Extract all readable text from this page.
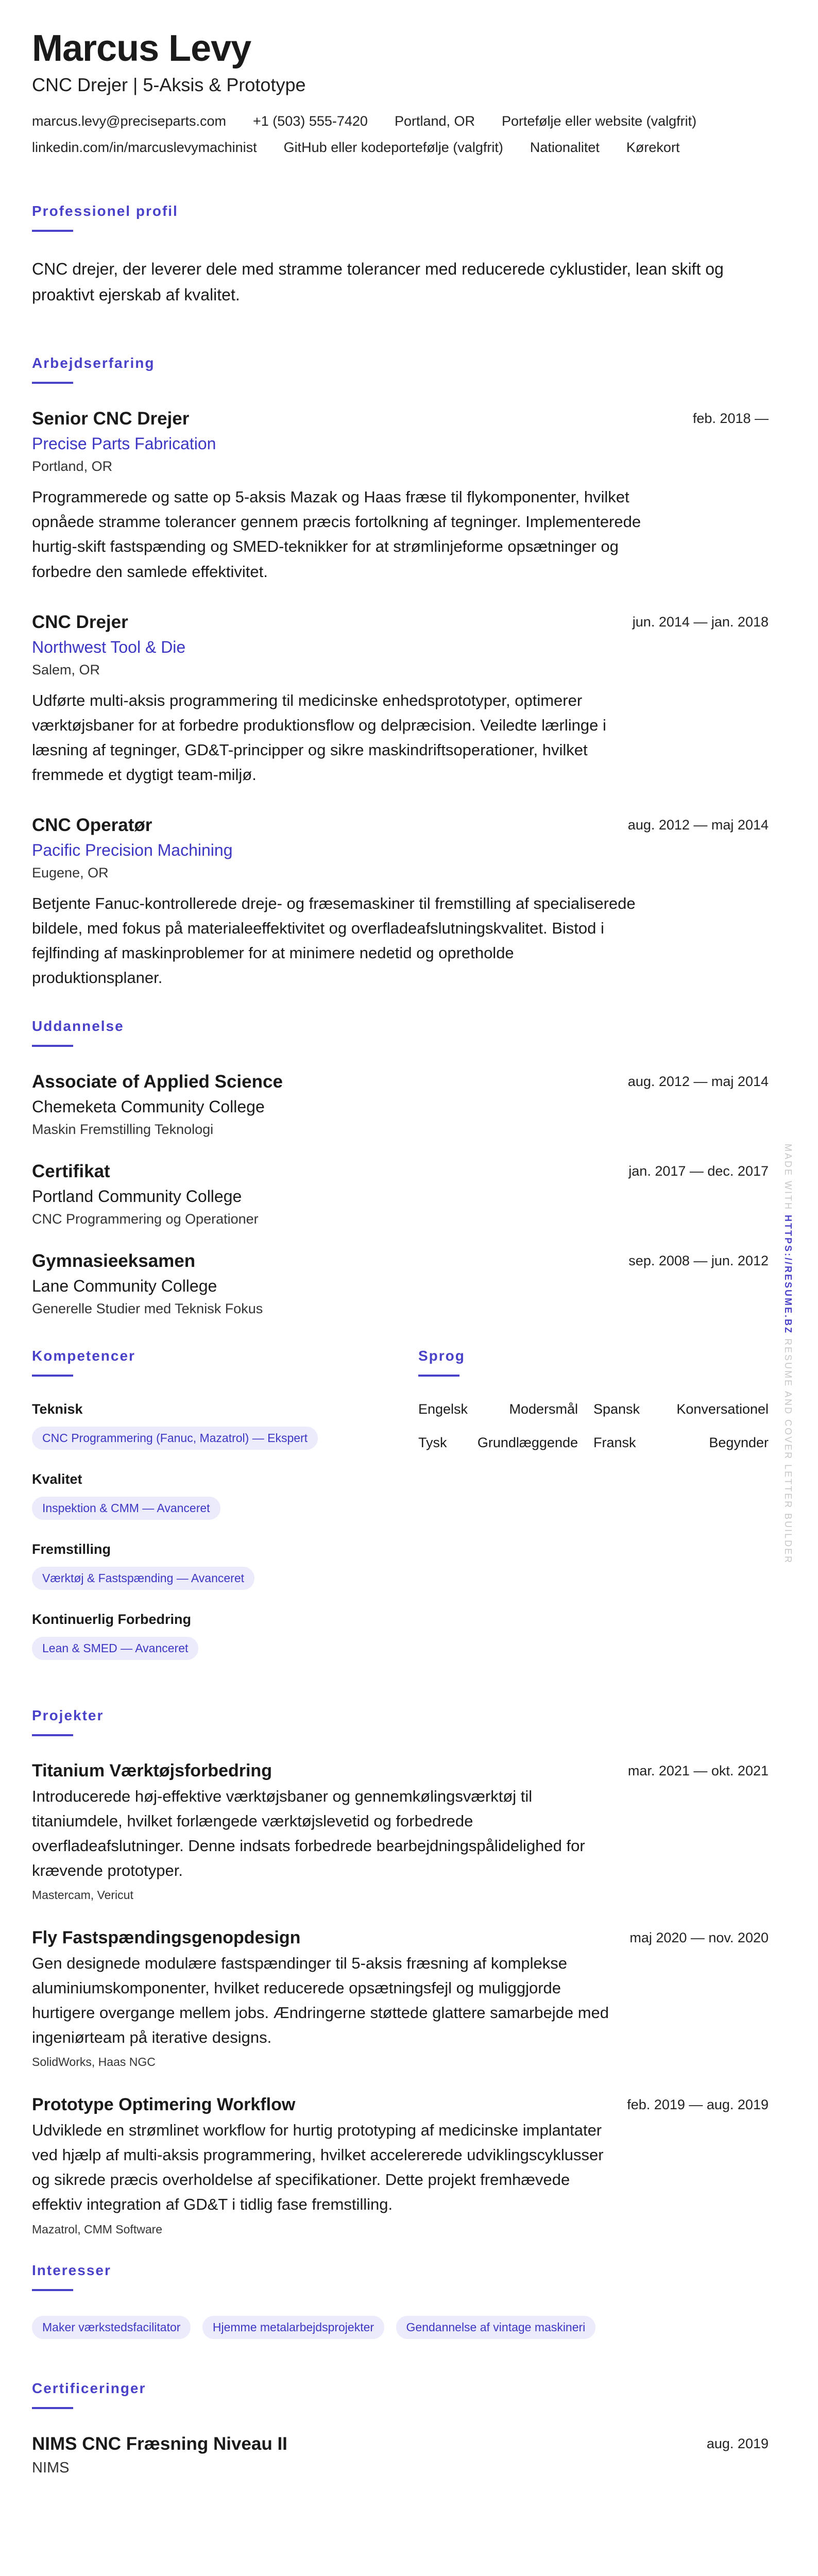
Marcus Levy
CNC Drejer | 5-Aksis & Prototype
marcus.levy@preciseparts.com +1 (503) 555-7420 Portland, OR Portefølje eller website (valgfrit)
linkedin.com/in/marcuslevymachinist GitHub eller kodeportefølje (valgfrit) Nationalitet Kørekort
Professionel profil
CNC drejer, der leverer dele med stramme tolerancer med reducerede cyklustider, lean skift og proaktivt ejerskab af kvalitet.
Arbejdserfaring
feb. 2018 —
Senior CNC Drejer
Precise Parts Fabrication
Portland, OR
Programmerede og satte op 5-aksis Mazak og Haas fræse til flykomponenter, hvilket opnåede stramme tolerancer gennem præcis fortolkning af tegninger. Implementerede hurtig-skift fastspænding og SMED-teknikker for at strømlinjeforme opsætninger og forbedre den samlede effektivitet.
jun. 2014 — jan. 2018
CNC Drejer
Northwest Tool & Die
Salem, OR
Udførte multi-aksis programmering til medicinske enhedsprototyper, optimerer værktøjsbaner for at forbedre produktionsflow og delpræcision. Veiledte lærlinge i læsning af tegninger, GD&T-principper og sikre maskindriftsoperationer, hvilket fremmede et dygtigt team-miljø.
aug. 2012 — maj 2014
CNC Operatør
Pacific Precision Machining
Eugene, OR
Betjente Fanuc-kontrollerede dreje- og fræsemaskiner til fremstilling af specialiserede bildele, med fokus på materialeeffektivitet og overfladeafslutningskvalitet. Bistod i fejlfinding af maskinproblemer for at minimere nedetid og opretholde produktionsplaner.
Uddannelse
aug. 2012 — maj 2014
Associate of Applied Science
Chemeketa Community College
Maskin Fremstilling Teknologi
jan. 2017 — dec. 2017
Certifikat
Portland Community College
CNC Programmering og Operationer
sep. 2008 — jun. 2012
Gymnasieeksamen
Lane Community College
Generelle Studier med Teknisk Fokus
Kompetencer
Teknisk
CNC Programmering (Fanuc, Mazatrol) — Ekspert
Kvalitet
Inspektion & CMM — Avanceret
Fremstilling
Værktøj & Fastspænding — Avanceret
Kontinuerlig Forbedring
Lean & SMED — Avanceret
Sprog
Engelsk	Modersmål Spansk	Konversationel
Tysk Grundlæggende Fransk	Begynder
Projekter
mar. 2021 — okt. 2021
Titanium Værktøjsforbedring
Introducerede høj-effektive værktøjsbaner og gennemkølingsværktøj til titaniumdele, hvilket forlængede værktøjslevetid og forbedrede overfladeafslutninger. Denne indsats forbedrede bearbejdningspålidelighed for krævende prototyper.
Mastercam, Vericut
maj 2020 — nov. 2020
Fly Fastspændingsgenopdesign
Gen designede modulære fastspændinger til 5-aksis fræsning af komplekse aluminiumskomponenter, hvilket reducerede opsætningsfejl og muliggjorde hurtigere overgange mellem jobs. Ændringerne støttede glattere samarbejde med ingeniørteam på iterative designs.
SolidWorks, Haas NGC
feb. 2019 — aug. 2019
Prototype Optimering Workflow
Udviklede en strømlinet workflow for hurtig prototyping af medicinske implantater ved hjælp af multi-aksis programmering, hvilket accelererede udviklingscyklusser og sikrede præcis overholdelse af specifikationer. Dette projekt fremhævede effektiv integration af GD&T i tidlig fase fremstilling.
Mazatrol, CMM Software
Interesser
Maker værkstedsfacilitator	Hjemme metalarbejdsprojekter	Gendannelse af vintage maskineri
Certificeringer
aug. 2019
NIMS CNC Fræsning Niveau II
NIMS
MADE WITH HTTPS://RESUME.BZ RESUME AND COVER LETTER BUILDER
